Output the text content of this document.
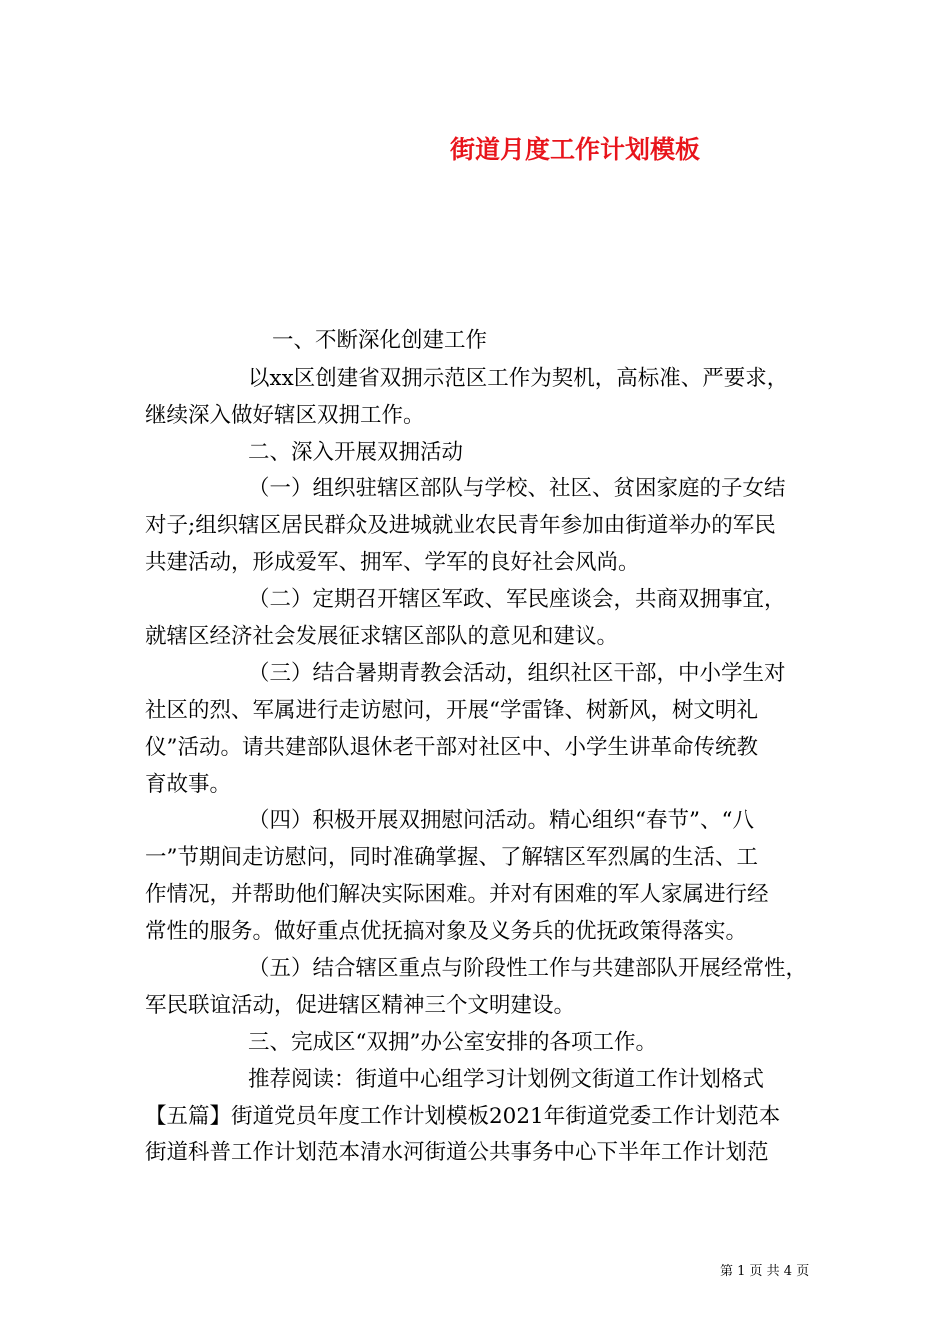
街道月度工作计划模板
一、不断深化创建工作
以xx区创建省双拥示范区工作为契机，高标准、严要求，
继续深入做好辖区双拥工作。
二、深入开展双拥活动
（一）组织驻辖区部队与学校、社区、贫困家庭的子女结
对子;组织辖区居民群众及进城就业农民青年参加由街道举办的军民
共建活动，形成爱军、拥军、学军的良好社会风尚。
（二）定期召开辖区军政、军民座谈会，共商双拥事宜，
就辖区经济社会发展征求辖区部队的意见和建议。
（三）结合暑期青教会活动，组织社区干部，中小学生对
社区的烈、军属进行走访慰问，开展“学雷锋、树新风，树文明礼
仪”活动。请共建部队退休老干部对社区中、小学生讲革命传统教
育故事。
（四）积极开展双拥慰问活动。精心组织“春节”、“八
一”节期间走访慰问，同时准确掌握、了解辖区军烈属的生活、工
作情况，并帮助他们解决实际困难。并对有困难的军人家属进行经
常性的服务。做好重点优抚搞对象及义务兵的优抚政策得落实。
（五）结合辖区重点与阶段性工作与共建部队开展经常性，
军民联谊活动，促进辖区精神三个文明建设。
三、完成区“双拥”办公室安排的各项工作。
推荐阅读：街道中心组学习计划例文街道工作计划格式
【五篇】街道党员年度工作计划模板2021年街道党委工作计划范本
街道科普工作计划范本清水河街道公共事务中心下半年工作计划范
第 1 页 共 4 页
